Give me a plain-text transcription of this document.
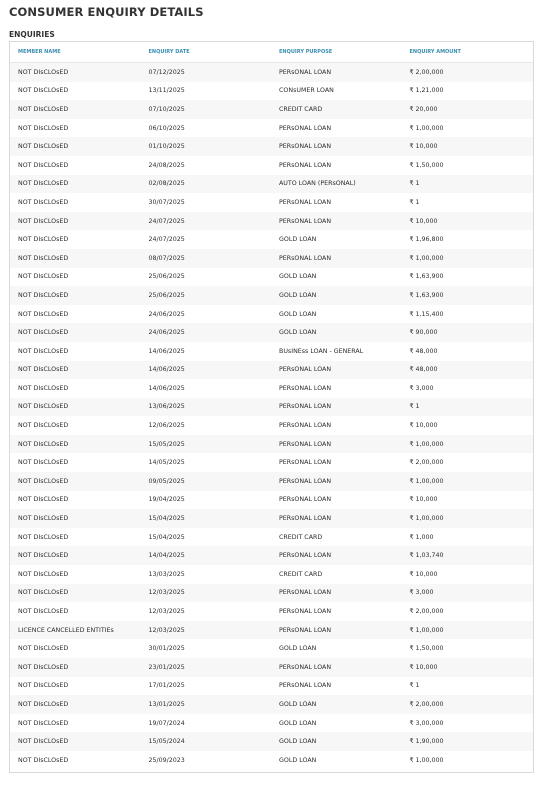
CONSUMER ENQUIRY DETAILS
ENQUIRIES
MEMBER NAME	ENQUIRY DATE	ENQUIRY PURPOSE	ENQUIRY AMOUNT
NOT DIsCLOsED	07/12/2025	PERsONAL LOAN	₹ 2,00,000
NOT DIsCLOsED	13/11/2025	CONsUMER LOAN	₹ 1,21,000
NOT DIsCLOsED	07/10/2025	CREDIT CARD	₹ 20,000
NOT DIsCLOsED	06/10/2025	PERsONAL LOAN	₹ 1,00,000
NOT DIsCLOsED	01/10/2025	PERsONAL LOAN	₹ 10,000
NOT DIsCLOsED	24/08/2025	PERsONAL LOAN	₹ 1,50,000
NOT DIsCLOsED	02/08/2025	AUTO LOAN (PERsONAL)	₹ 1
NOT DIsCLOsED	30/07/2025	PERsONAL LOAN	₹ 1
NOT DIsCLOsED	24/07/2025	PERsONAL LOAN	₹ 10,000
NOT DIsCLOsED	24/07/2025	GOLD LOAN	₹ 1,96,800
NOT DIsCLOsED	08/07/2025	PERsONAL LOAN	₹ 1,00,000
NOT DIsCLOsED	25/06/2025	GOLD LOAN	₹ 1,63,900
NOT DIsCLOsED	25/06/2025	GOLD LOAN	₹ 1,63,900
NOT DIsCLOsED	24/06/2025	GOLD LOAN	₹ 1,15,400
NOT DIsCLOsED	24/06/2025	GOLD LOAN	₹ 90,000
NOT DIsCLOsED	14/06/2025	BUsINEss LOAN - GENERAL	₹ 48,000
NOT DIsCLOsED	14/06/2025	PERsONAL LOAN	₹ 48,000
NOT DIsCLOsED	14/06/2025	PERsONAL LOAN	₹ 3,000
NOT DIsCLOsED	13/06/2025	PERsONAL LOAN	₹ 1
NOT DIsCLOsED	12/06/2025	PERsONAL LOAN	₹ 10,000
NOT DIsCLOsED	15/05/2025	PERsONAL LOAN	₹ 1,00,000
NOT DIsCLOsED	14/05/2025	PERsONAL LOAN	₹ 2,00,000
NOT DIsCLOsED	09/05/2025	PERsONAL LOAN	₹ 1,00,000
NOT DIsCLOsED	19/04/2025	PERsONAL LOAN	₹ 10,000
NOT DIsCLOsED	15/04/2025	PERsONAL LOAN	₹ 1,00,000
NOT DIsCLOsED	15/04/2025	CREDIT CARD	₹ 1,000
NOT DIsCLOsED	14/04/2025	PERsONAL LOAN	₹ 1,03,740
NOT DIsCLOsED	13/03/2025	CREDIT CARD	₹ 10,000
NOT DIsCLOsED	12/03/2025	PERsONAL LOAN	₹ 3,000
NOT DIsCLOsED	12/03/2025	PERsONAL LOAN	₹ 2,00,000
LICENCE CANCELLED ENTITIEs	12/03/2025	PERsONAL LOAN	₹ 1,00,000
NOT DIsCLOsED	30/01/2025	GOLD LOAN	₹ 1,50,000
NOT DIsCLOsED	23/01/2025	PERsONAL LOAN	₹ 10,000
NOT DIsCLOsED	17/01/2025	PERsONAL LOAN	₹ 1
NOT DIsCLOsED	13/01/2025	GOLD LOAN	₹ 2,00,000
NOT DIsCLOsED	19/07/2024	GOLD LOAN	₹ 3,00,000
NOT DIsCLOsED	15/05/2024	GOLD LOAN	₹ 1,90,000
NOT DIsCLOsED	25/09/2023	GOLD LOAN	₹ 1,00,000
